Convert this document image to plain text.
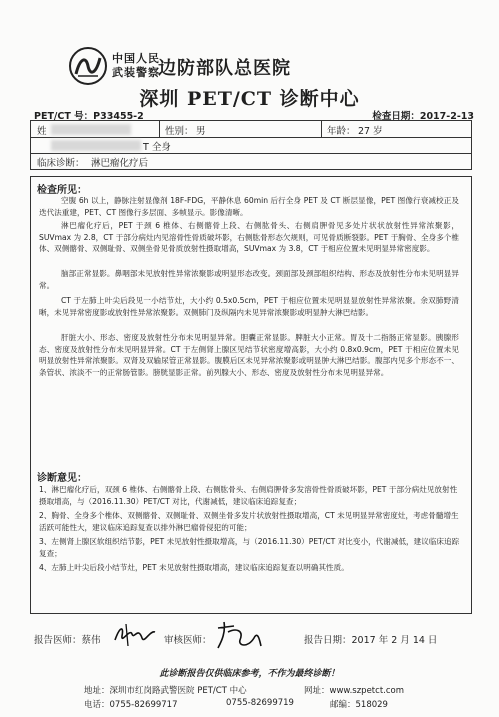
中国人民
武装警察
边防部队总医院
深圳 PET/CT 诊断中心
PET/CT 号：P33455-2	检查日期：2017-2-13
姓	性别： 男	年龄： 27 岁
T 全身
临床诊断： 淋巴瘤化疗后
检查所见：
空腹 6h 以上，静脉注射显像剂 18F-FDG，平静休息 60min 后行全身 PET 及 CT 断层显像，PET 图像行衰减校正及迭代法重建，PET、CT 图像行多层面、多帧显示。影像清晰。
淋巴瘤化疗后，PET 于颈 6 椎体、右侧髂骨上段、右侧肱骨头、右侧肩胛骨见多处片状状放射性异常浓聚影，SUVmax 为 2.8，CT 于部分病灶内见溶骨性骨质破坏影，右侧肱骨形态欠规则，可见骨质断裂影。PET 于胸骨、全身多个椎体、双侧髂骨、双侧耻骨、双侧坐骨见骨质放射性摄取增高，SUVmax 为 3.8，CT 于相应位置未见明显异常密度影。
脑部正常显影。鼻咽部未见放射性异常浓聚影或明显形态改变。颈面部及颈部组织结构、形态及放射性分布未见明显异常。
CT 于左肺上叶尖后段见一小结节灶，大小约 0.5x0.5cm，PET 于相应位置未见明显显放射性异常浓聚。余双肺野清晰，未见异常密度影或放射性异常浓聚影。双侧肺门及纵隔内未见异常浓聚影或明显肿大淋巴结影。
肝脏大小、形态、密度及放射性分布未见明显异常。胆囊正常显影。脾脏大小正常。胃及十二指肠正常显影。胰腺形态、密度及放射性分布未见明显异常。CT 于左侧肾上腺区见结节状密度增高影，大小约 0.8x0.9cm，PET 于相应位置未见明显放射性异常浓聚影。双肾及双输尿管正常显影。腹膜后区未见异常浓聚影或明显肿大淋巴结影。腹部内见多个形态不一、条管状、浓淡不一的正常肠管影。膀胱显影正常。前列腺大小、形态、密度及放射性分布未见明显异常。
诊断意见：
1、淋巴瘤化疗后，双颈 6 椎体、右侧髂骨上段、右侧肱骨头、右侧肩胛骨多发溶骨性骨质破坏影，PET 于部分病灶见放射性摄取增高，与（2016.11.30）PET/CT 对比，代谢减低，建议临床追踪复查；
2、胸骨、全身多个椎体、双侧髂骨、双侧耻骨、双侧坐骨多发片状放射性摄取增高，CT 未见明显异常密度灶，考虑骨髓增生活跃可能性大，建议临床追踪复查以排外淋巴瘤骨侵犯的可能；
3、左侧肾上腺区软组织结节影，PET 未见放射性摄取增高，与（2016.11.30）PET/CT 对比变小，代谢减低，建议临床追踪复查；
4、左肺上叶尖后段小结节灶，PET 未见放射性摄取增高，建议临床追踪复查以明确其性质。
报告医师：蔡伟	审核医师：	报告日期：2017 年 2 月 14 日
此诊断报告仅供临床参考，不作为最终诊断！
地址：深圳市红岗路武警医院 PET/CT 中心	网址：www.szpetct.com
电话：0755-82699717	0755-82699719	邮编：518029
